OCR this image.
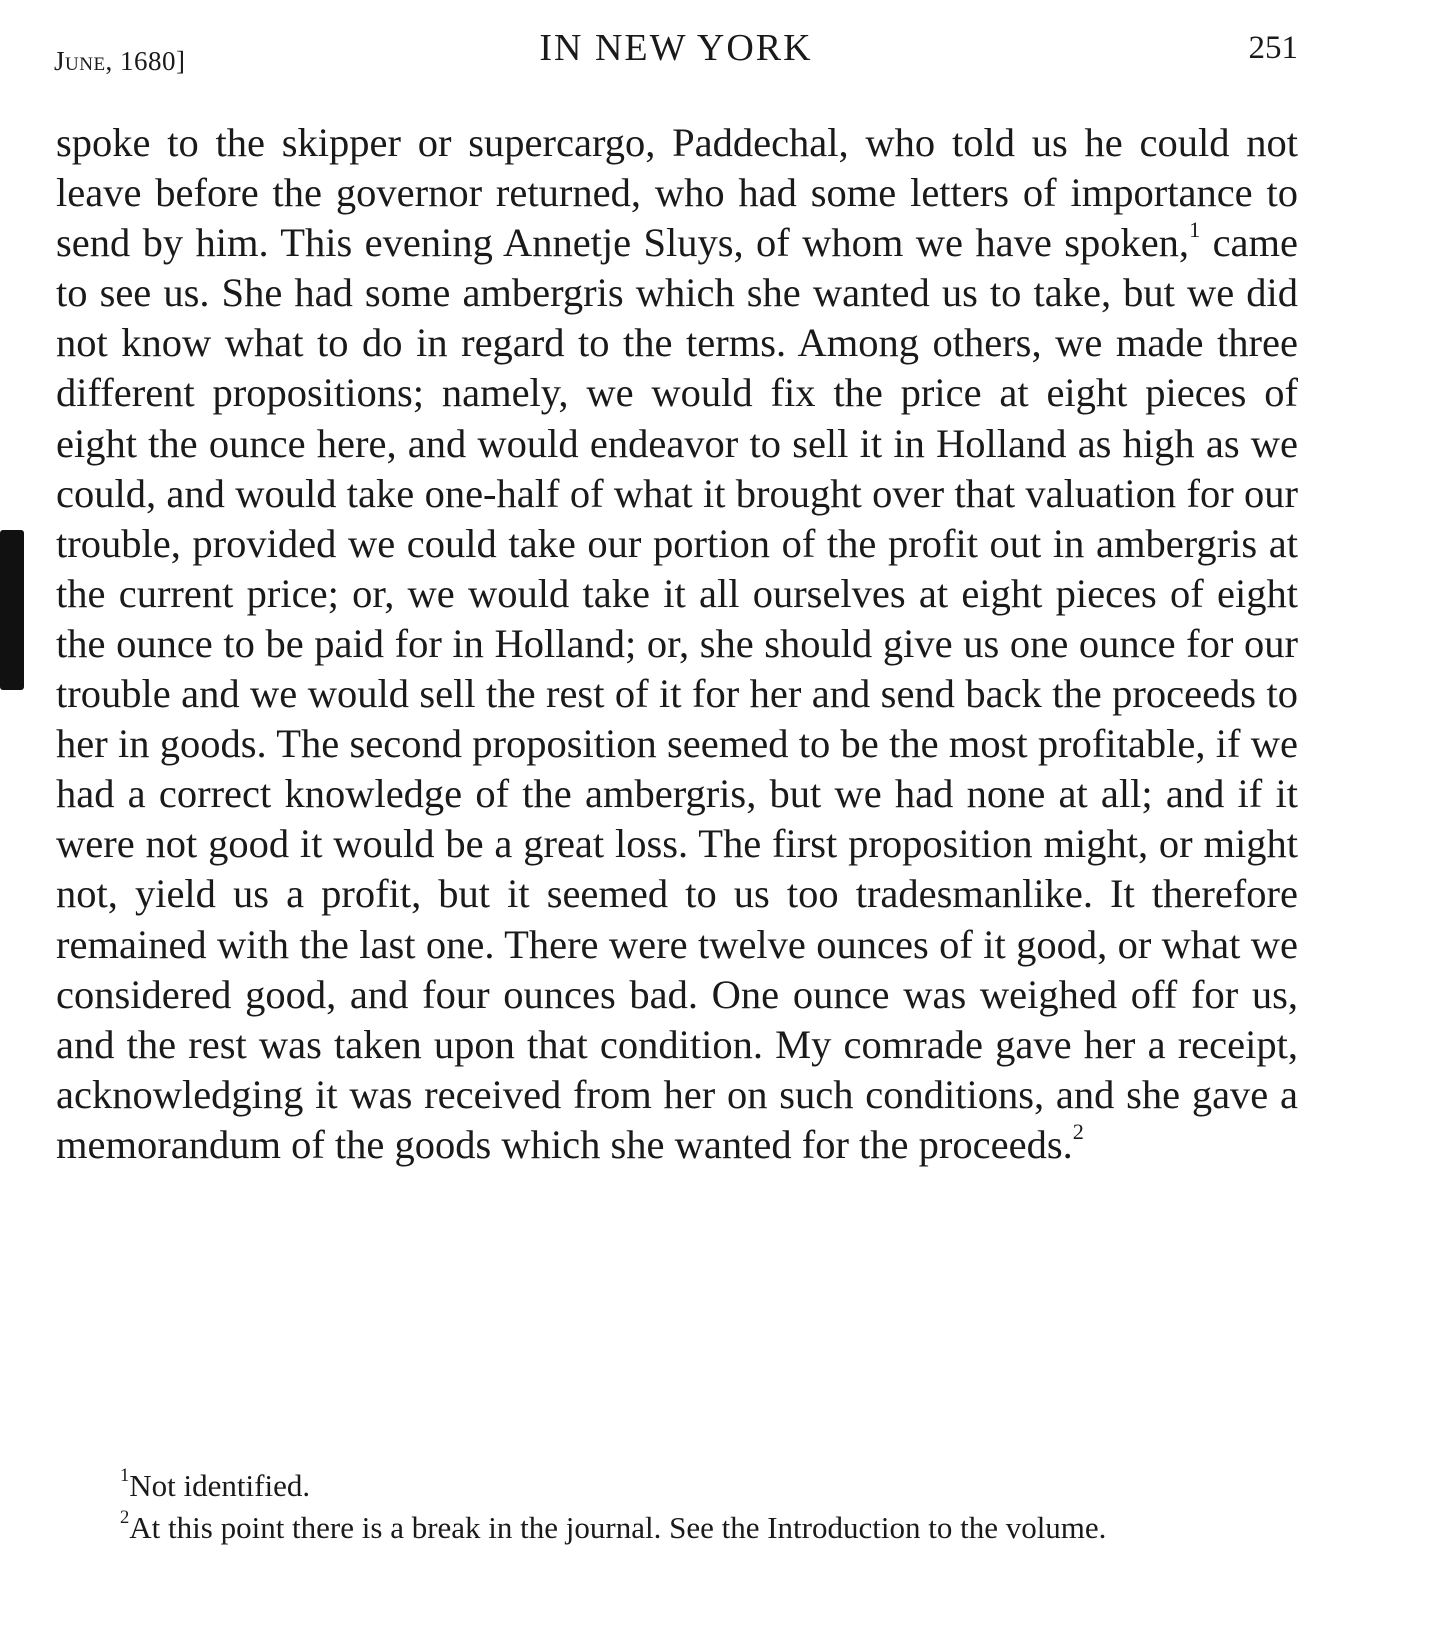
June, 1680]	IN NEW YORK	251

spoke to the skipper or supercargo, Paddechal, who told us he could not leave before the governor returned, who had some letters of importance to send by him. This evening Annetje Sluys, of whom we have spoken,$^1$ came to see us. She had some ambergris which she wanted us to take, but we did not know what to do in regard to the terms. Among others, we made three different propositions; namely, we would fix the price at eight pieces of eight the ounce here, and would endeavor to sell it in Holland as high as we could, and would take one-half of what it brought over that valuation for our trouble, provided we could take our portion of the profit out in ambergris at the current price; or, we would take it all ourselves at eight pieces of eight the ounce to be paid for in Holland; or, she should give us one ounce for our trouble and we would sell the rest of it for her and send back the proceeds to her in goods. The second proposition seemed to be the most profitable, if we had a correct knowledge of the ambergris, but we had none at all; and if it were not good it would be a great loss. The first proposition might, or might not, yield us a profit, but it seemed to us too tradesmanlike. It therefore remained with the last one. There were twelve ounces of it good, or what we considered good, and four ounces bad. One ounce was weighed off for us, and the rest was taken upon that condition. My comrade gave her a receipt, acknowledging it was received from her on such conditions, and she gave a memorandum of the goods which she wanted for the proceeds.$^2$

$^1$Not identified.

$^2$At this point there is a break in the journal. See the Introduction to the volume.
